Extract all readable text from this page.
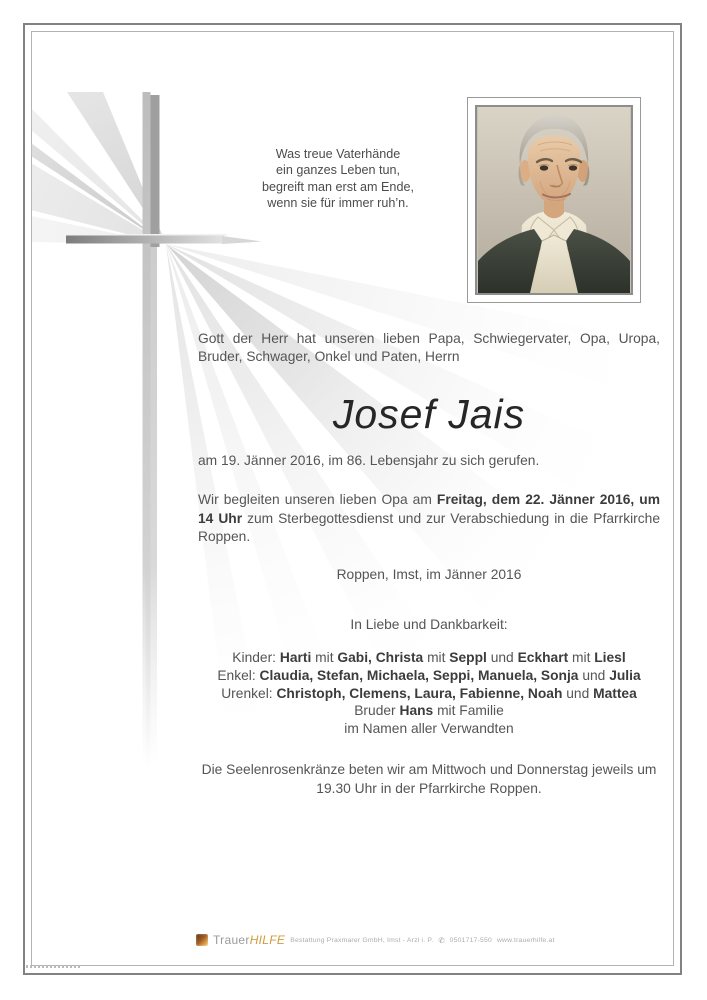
Was treue Vaterhände
ein ganzes Leben tun,
begreift man erst am Ende,
wenn sie für immer ruh’n.
Gott der Herr hat unseren lieben Papa, Schwiegervater, Opa, Uropa, Bruder, Schwager, Onkel und Paten, Herrn
Josef Jais
am 19. Jänner 2016, im 86. Lebensjahr zu sich gerufen.
Wir begleiten unseren lieben Opa am Freitag, dem 22. Jänner 2016, um 14 Uhr zum Sterbegottesdienst und zur Verabschiedung in die Pfarrkirche Roppen.
Roppen, Imst, im Jänner 2016
In Liebe und Dankbarkeit:
Kinder: Harti mit Gabi, Christa mit Seppl und Eckhart mit Liesl
Enkel: Claudia, Stefan, Michaela, Seppi, Manuela, Sonja und Julia
Urenkel: Christoph, Clemens, Laura, Fabienne, Noah und Mattea
Bruder Hans mit Familie
im Namen aller Verwandten
Die Seelenrosenkränze beten wir am Mittwoch und Donnerstag jeweils um 19.30 Uhr in der Pfarrkirche Roppen.
TrauerHILFE Bestattung Praxmarer GmbH, Imst - Arzl i. P. ✆ 0501717-550 www.trauerhilfe.at
